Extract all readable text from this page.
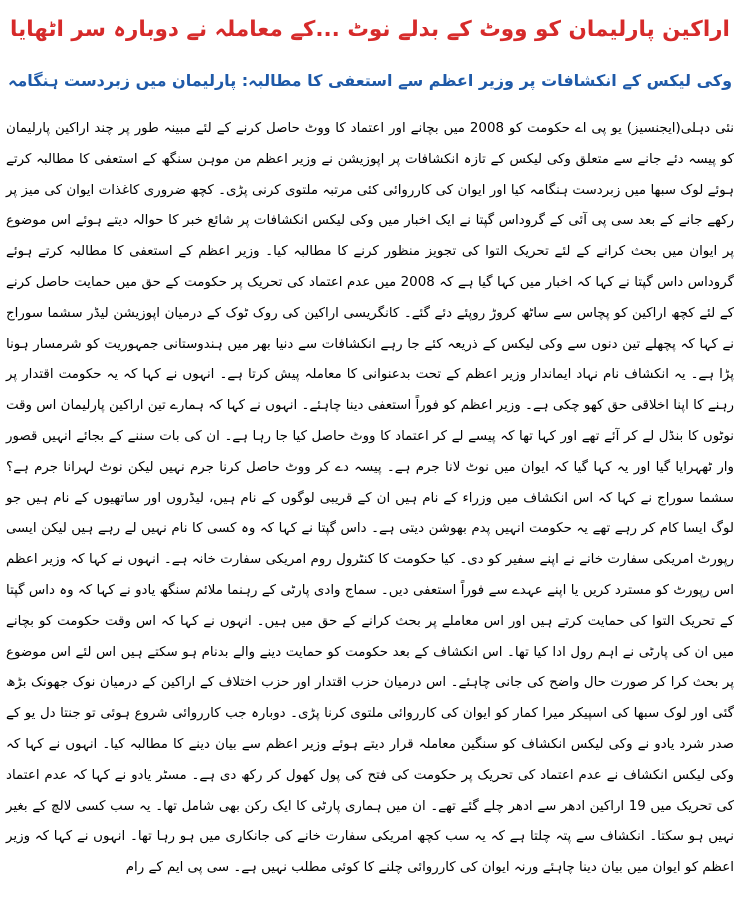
اراکین پارلیمان کو ووٹ کے بدلے نوٹ ...کے معاملہ نے دوبارہ سر اٹھایا
وکی لیکس کے انکشافات پر وزیر اعظم سے استعفی کا مطالبہ: پارلیمان میں زبردست ہنگامہ

نئی دہلی(ایجنسیز) یو پی اے حکومت کو 2008 میں بچانے اور اعتماد کا ووٹ حاصل کرنے کے لئے مبینہ طور پر چند اراکین پارلیمان کو پیسہ دئے جانے سے متعلق وکی لیکس کے تازہ انکشافات پر اپوزیشن نے وزیر اعظم من موہن سنگھ کے استعفی کا مطالبہ کرتے ہوئے لوک سبھا میں زبردست ہنگامہ کیا اور ایوان کی کارروائی کئی مرتبہ ملتوی کرنی پڑی۔ کچھ ضروری کاغذات ایوان کی میز پر رکھے جانے کے بعد سی پی آئی کے گروداس گپتا نے ایک اخبار میں وکی لیکس انکشافات پر شائع خبر کا حوالہ دیتے ہوئے اس موضوع پر ایوان میں بحث کرانے کے لئے تحریک التوا کی تجویز منظور کرنے کا مطالبہ کیا۔ وزیر اعظم کے استعفی کا مطالبہ کرتے ہوئے گروداس داس گپتا نے کہا کہ اخبار میں کہا گیا ہے کہ 2008 میں عدم اعتماد کی تحریک پر حکومت کے حق میں حمایت حاصل کرنے کے لئے کچھ اراکین کو پچاس سے ساٹھ کروڑ روپئے دئے گئے۔ کانگریسی اراکین کی روک ٹوک کے درمیان اپوزیشن لیڈر سشما سوراج نے کہا کہ پچھلے تین دنوں سے وکی لیکس کے ذریعہ کئے جا رہے انکشافات سے دنیا بھر میں ہندوستانی جمہوریت کو شرمسار ہونا پڑا ہے۔ یہ انکشاف نام نہاد ایماندار وزیر اعظم کے تحت بدعنوانی کا معاملہ پیش کرتا ہے۔ انہوں نے کہا کہ یہ حکومت اقتدار پر رہنے کا اپنا اخلاقی حق کھو چکی ہے۔ وزیر اعظم کو فوراً استعفی دینا چاہئے۔ انہوں نے کہا کہ ہمارے تین اراکین پارلیمان اس وقت نوٹوں کا بنڈل لے کر آئے تھے اور کہا تھا کہ پیسے لے کر اعتماد کا ووٹ حاصل کیا جا رہا ہے۔ ان کی بات سننے کے بجائے انہیں قصور وار ٹھہرایا گیا اور یہ کہا گیا کہ ایوان میں نوٹ لانا جرم ہے۔ پیسہ دے کر ووٹ حاصل کرنا جرم نہیں لیکن نوٹ لہرانا جرم ہے؟ سشما سوراج نے کہا کہ اس انکشاف میں وزراء کے نام ہیں ان کے قریبی لوگوں کے نام ہیں، لیڈروں اور ساتھیوں کے نام ہیں جو لوگ ایسا کام کر رہے تھے یہ حکومت انہیں پدم بھوشن دیتی ہے۔ داس گپتا نے کہا کہ وہ کسی کا نام نہیں لے رہے ہیں لیکن ایسی رپورٹ امریکی سفارت خانے نے اپنے سفیر کو دی۔ کیا حکومت کا کنٹرول روم امریکی سفارت خانہ ہے۔ انہوں نے کہا کہ وزیر اعظم اس رپورٹ کو مسترد کریں یا اپنے عہدے سے فوراً استعفی دیں۔ سماج وادی پارٹی کے رہنما ملائم سنگھ یادو نے کہا کہ وہ داس گپتا کے تحریک التوا کی حمایت کرتے ہیں اور اس معاملے پر بحث کرانے کے حق میں ہیں۔ انہوں نے کہا کہ اس وقت حکومت کو بچانے میں ان کی پارٹی نے اہم رول ادا کیا تھا۔ اس انکشاف کے بعد حکومت کو حمایت دینے والے بدنام ہو سکتے ہیں اس لئے اس موضوع پر بحث کرا کر صورت حال واضح کی جانی چاہئے۔ اس درمیان حزب اقتدار اور حزب اختلاف کے اراکین کے درمیان نوک جھونک بڑھ گئی اور لوک سبھا کی اسپیکر میرا کمار کو ایوان کی کارروائی ملتوی کرنا پڑی۔ دوبارہ جب کارروائی شروع ہوئی تو جنتا دل یو کے صدر شرد یادو نے وکی لیکس انکشاف کو سنگین معاملہ قرار دیتے ہوئے وزیر اعظم سے بیان دینے کا مطالبہ کیا۔ انہوں نے کہا کہ وکی لیکس انکشاف نے عدم اعتماد کی تحریک پر حکومت کی فتح کی پول کھول کر رکھ دی ہے۔ مسٹر یادو نے کہا کہ عدم اعتماد کی تحریک میں 19 اراکین ادھر سے ادھر چلے گئے تھے۔ ان میں ہماری پارٹی کا ایک رکن بھی شامل تھا۔ یہ سب کسی لالچ کے بغیر نہیں ہو سکتا۔ انکشاف سے پتہ چلتا ہے کہ یہ سب کچھ امریکی سفارت خانے کی جانکاری میں ہو رہا تھا۔ انہوں نے کہا کہ وزیر اعظم کو ایوان میں بیان دینا چاہئے ورنہ ایوان کی کارروائی چلنے کا کوئی مطلب نہیں ہے۔ سی پی ایم کے رام
